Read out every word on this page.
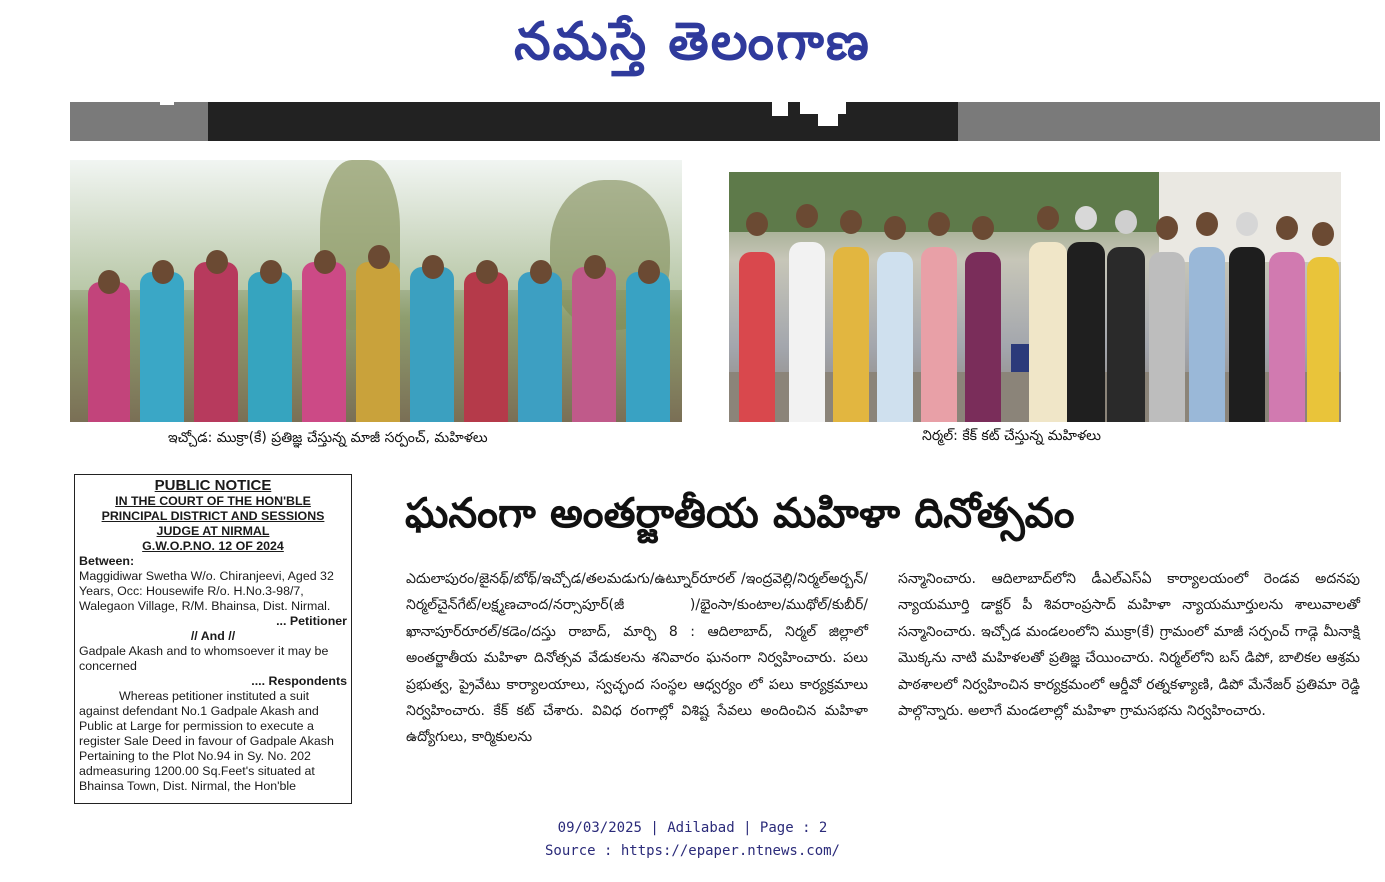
నమస్తే తెలంగాణ
ఇచ్చోడ: ముక్రా(కే) ప్రతిజ్ఞ చేస్తున్న మాజీ సర్పంచ్, మహిళలు	నిర్మల్: కేక్ కట్ చేస్తున్న మహిళలు
PUBLIC NOTICE
IN THE COURT OF THE HON'BLE
PRINCIPAL DISTRICT AND SESSIONS
JUDGE AT NIRMAL
G.W.O.P.NO. 12 OF 2024

Between:

Maggidiwar Swetha W/o. Chiranjeevi, Aged 32 Years, Occ: Housewife R/o. H.No.3-98/7, Walegaon Village, R/M. Bhainsa, Dist. Nirmal.

... Petitioner

// And //

Gadpale Akash and to whomsoever it may be concerned

.... Respondents

Whereas petitioner instituted a suit against defendant No.1 Gadpale Akash and Public at Large for permission to execute a register Sale Deed in favour of Gadpale Akash Pertaining to the Plot No.94 in Sy. No. 202 admeasuring 1200.00 Sq.Feet's situated at Bhainsa Town, Dist. Nirmal, the Hon'ble

ఘనంగా అంతర్జాతీయ మహిళా దినోత్సవం
ఎదులాపురం/జైనథ్/బోథ్/ఇచ్చోడ/తలమడుగు/ఉట్నూర్‌రూరల్ /ఇంద్రవెల్లి/నిర్మల్‌అర్బన్/నిర్మల్‌చైన్‌గేట్/లక్ష్మణచాంద/నర్సాపూర్(జీ )/భైంసా/కుంటాల/ముథోల్/కుబీర్/ఖానాపూర్‌రూరల్/కడెం/దస్తు రాబాద్, మార్చి 8 : ఆదిలాబాద్, నిర్మల్ జిల్లాలో అంతర్జాతీయ మహిళా దినోత్సవ వేడుకలను శనివారం ఘనంగా నిర్వహించారు. పలు ప్రభుత్వ, ప్రైవేటు కార్యాలయాలు, స్వచ్ఛంద సంస్థల ఆధ్వర్యం లో పలు కార్యక్రమాలు నిర్వహించారు. కేక్ కట్ చేశారు. వివిధ రంగాల్లో విశిష్ట సేవలు అందించిన మహిళా ఉద్యోగులు, కార్మికులను
సన్మానించారు. ఆదిలాబాద్‌లోని డీఎల్‌ఎస్‌ఏ కార్యాలయంలో రెండవ అదనపు న్యాయమూర్తి డాక్టర్ పీ శివరాంప్రసాద్ మహిళా న్యాయమూర్తులను శాలువాలతో సన్మానించారు. ఇచ్చోడ మండలంలోని ముక్రా(కే) గ్రామంలో మాజీ సర్పంచ్ గాడ్గె మీనాక్షి మొక్కను నాటి మహిళలతో ప్రతిజ్ఞ చేయించారు. నిర్మల్‌లోని బస్ డిపో, బాలికల ఆశ్రమ పాఠశాలలో నిర్వహించిన కార్యక్రమంలో ఆర్డీవో రత్నకళ్యాణి, డిపో మేనేజర్ ప్రతిమా రెడ్డి పాల్గొన్నారు. అలాగే మండలాల్లో మహిళా గ్రామసభను నిర్వహించారు.
09/03/2025 | Adilabad | Page : 2
Source : https://epaper.ntnews.com/
